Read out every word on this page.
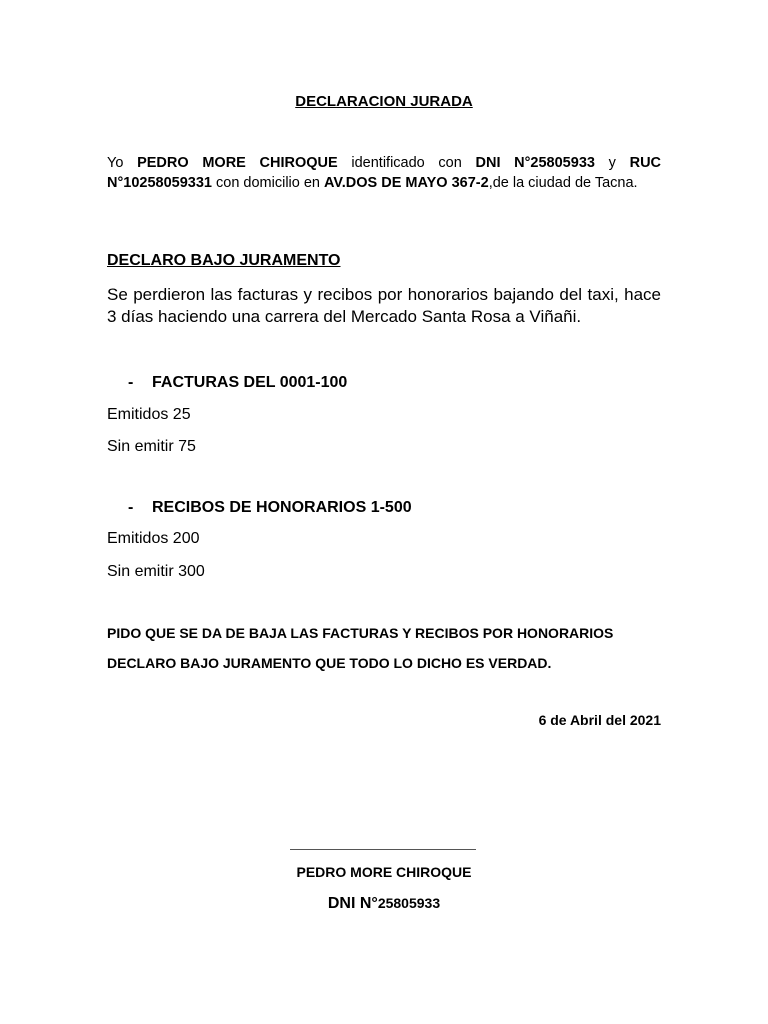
DECLARACION JURADA
Yo PEDRO MORE CHIROQUE identificado con DNI N°25805933 y RUC N°10258059331 con domicilio en AV.DOS DE MAYO 367-2,de la ciudad de Tacna.
DECLARO BAJO JURAMENTO
Se perdieron las facturas y recibos por honorarios bajando del taxi, hace 3 días haciendo una carrera del Mercado Santa Rosa a Viñañi.
- FACTURAS DEL 0001-100
Emitidos 25
Sin emitir 75
- RECIBOS DE HONORARIOS 1-500
Emitidos 200
Sin emitir 300
PIDO QUE SE DA DE BAJA LAS FACTURAS Y RECIBOS POR HONORARIOS
DECLARO BAJO JURAMENTO QUE TODO LO DICHO ES VERDAD.
6 de Abril del 2021
PEDRO MORE CHIROQUE
DNI N°25805933
